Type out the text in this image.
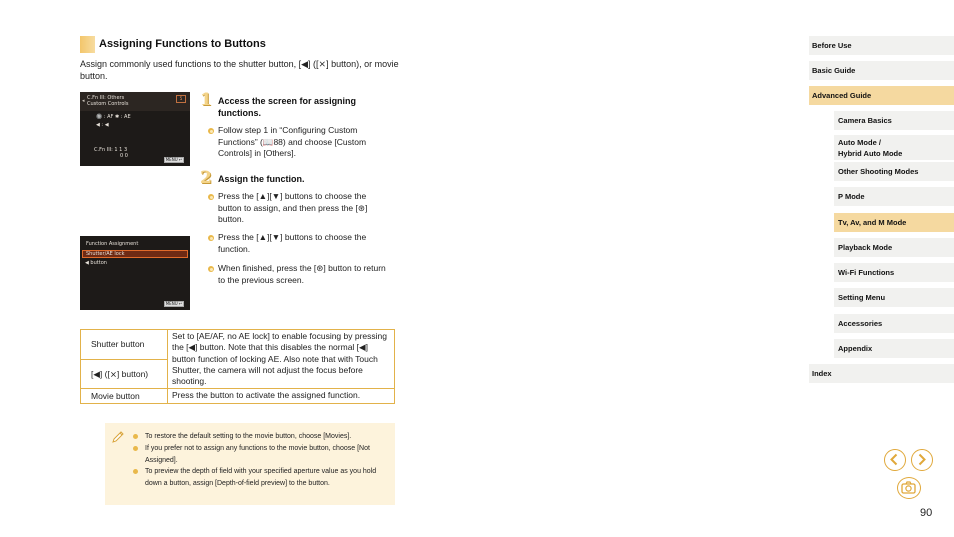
Assigning Functions to Buttons
Assign commonly used functions to the shutter button, [◀] ([⨯] button), or movie button.
◂ C.Fn III: Others
Custom Controls
5
🔘 : AF ✱ : AE
◀ : ◀
C.Fn III: 1 1 3
0 0
MENU ↩
Function Assignment
Shutter/AE lock
◀ button
MENU ↩
1 Access the screen for assigning functions.
Follow step 1 in “Configuring Custom Functions” (📖88) and choose [Custom Controls] in [Others].
2 Assign the function.
Press the [▲][▼] buttons to choose the button to assign, and then press the [⊛] button.
Press the [▲][▼] buttons to choose the function.
When finished, press the [⊛] button to return to the previous screen.
Shutter button	Set to [AE/AF, no AE lock] to enable focusing by pressing the [◀] button. Note that this disables the normal [◀] button function of locking AE. Also note that with Touch Shutter, the camera will not adjust the focus before shooting.
[◀] ([⨯] button)	
Movie button	Press the button to activate the assigned function.
To restore the default setting to the movie button, choose [Movies].
If you prefer not to assign any functions to the movie button, choose [Not Assigned].
To preview the depth of field with your specified aperture value as you hold down a button, assign [Depth-of-field preview] to the button.
Before Use
Basic Guide
Advanced Guide
Camera Basics
Auto Mode /
Hybrid Auto Mode
Other Shooting Modes
P Mode
Tv, Av, and M Mode
Playback Mode
Wi-Fi Functions
Setting Menu
Accessories
Appendix
Index
90
